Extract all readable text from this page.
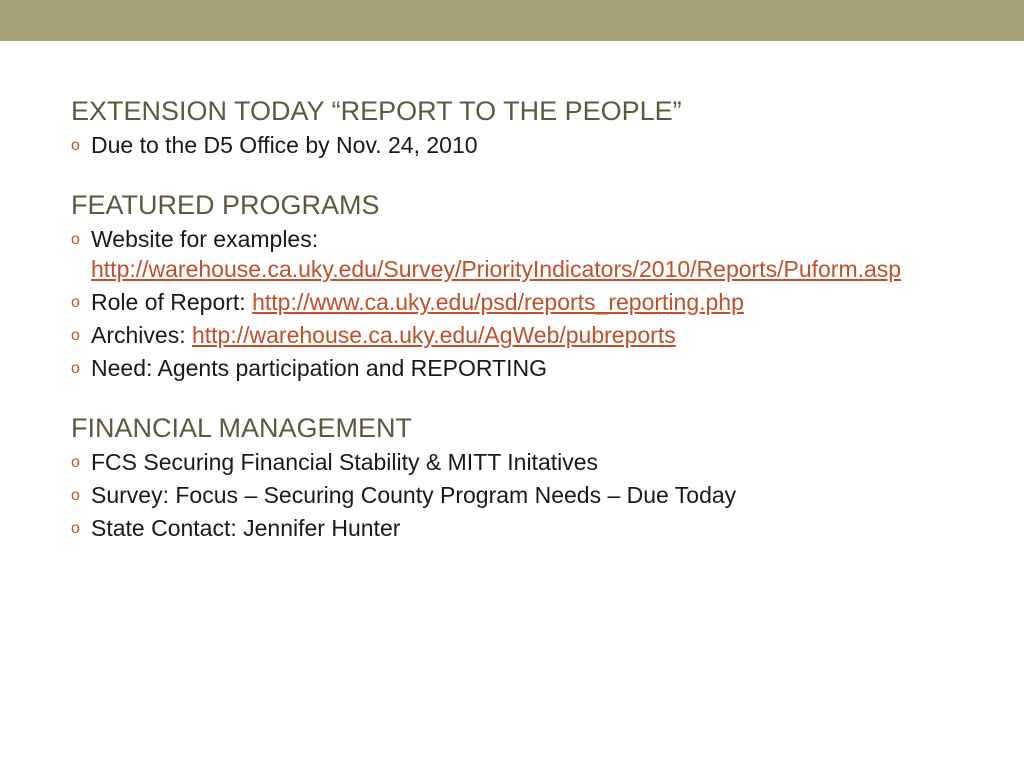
EXTENSION TODAY “REPORT TO THE PEOPLE”
o Due to the D5 Office by Nov. 24, 2010
FEATURED PROGRAMS
o Website for examples:
http://warehouse.ca.uky.edu/Survey/PriorityIndicators/2010/Reports/Puform.asp
o Role of Report: http://www.ca.uky.edu/psd/reports_reporting.php
o Archives: http://warehouse.ca.uky.edu/AgWeb/pubreports
o Need: Agents participation and REPORTING
FINANCIAL MANAGEMENT
o FCS Securing Financial Stability & MITT Initatives
o Survey: Focus – Securing County Program Needs – Due Today
o State Contact: Jennifer Hunter
